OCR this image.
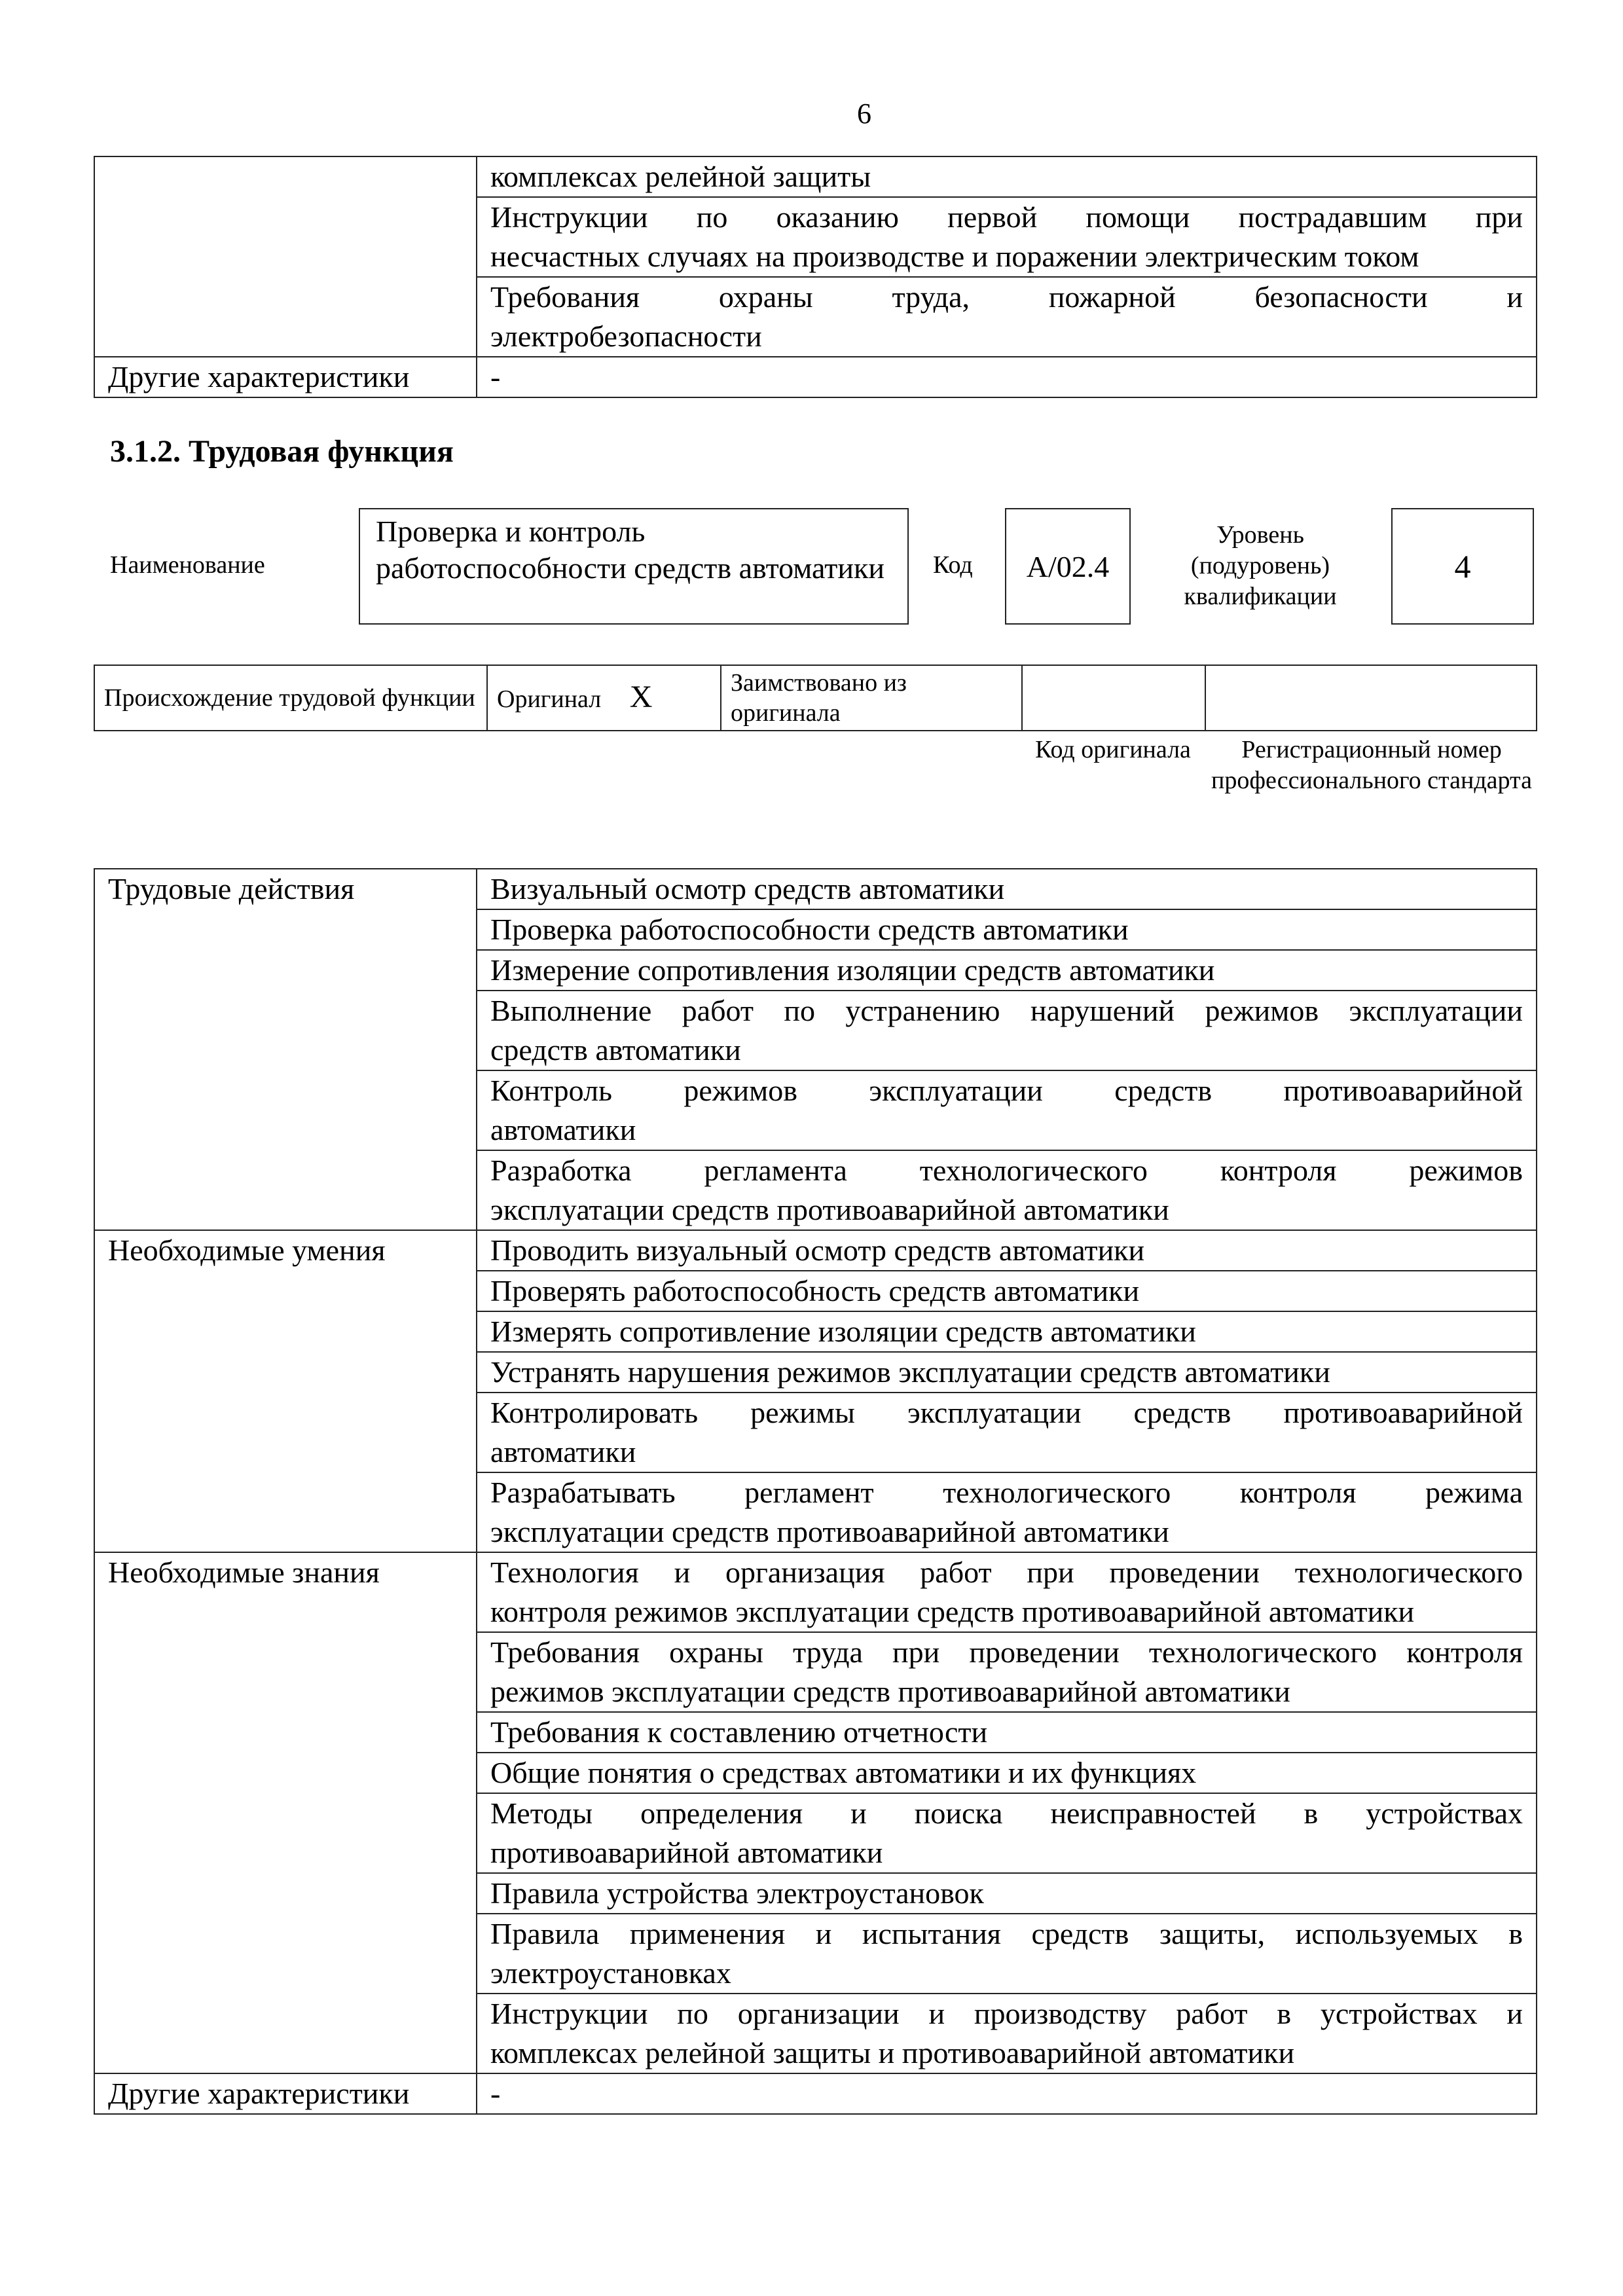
6

	комплексах релейной защиты

	Инструкции по оказанию первой помощи пострадавшим при
несчастных случаях на производстве и поражении электрическим током

	Требования охраны труда, пожарной безопасности и
электробезопасности

Другие характеристики	-
3.1.2. Трудовая функция
Наименование
Проверка и контроль работоспособности средств автоматики	Код	A/02.4
Уровень (подуровень) квалификации
4
Происхождение трудовой функции	Оригинал X	Заимствовано из оригинала		
Код оригинала	Регистрационный номер профессионального стандарта
Трудовые действия	Визуальный осмотр средств автоматики

	Проверка работоспособности средств автоматики

	Измерение сопротивления изоляции средств автоматики

	Выполнение работ по устранению нарушений режимов эксплуатации
средств автоматики

	Контроль режимов эксплуатации средств противоаварийной
автоматики

	Разработка регламента технологического контроля режимов
эксплуатации средств противоаварийной автоматики

Необходимые умения	Проводить визуальный осмотр средств автоматики

	Проверять работоспособность средств автоматики

	Измерять сопротивление изоляции средств автоматики

	Устранять нарушения режимов эксплуатации средств автоматики

	Контролировать режимы эксплуатации средств противоаварийной
автоматики

	Разрабатывать регламент технологического контроля режима
эксплуатации средств противоаварийной автоматики

Необходимые знания	Технология и организация работ при проведении технологического
контроля режимов эксплуатации средств противоаварийной автоматики

	Требования охраны труда при проведении технологического контроля
режимов эксплуатации средств противоаварийной автоматики

	Требования к составлению отчетности

	Общие понятия о средствах автоматики и их функциях

	Методы определения и поиска неисправностей в устройствах
противоаварийной автоматики

	Правила устройства электроустановок

	Правила применения и испытания средств защиты, используемых в
электроустановках

	Инструкции по организации и производству работ в устройствах и
комплексах релейной защиты и противоаварийной автоматики

Другие характеристики	-
